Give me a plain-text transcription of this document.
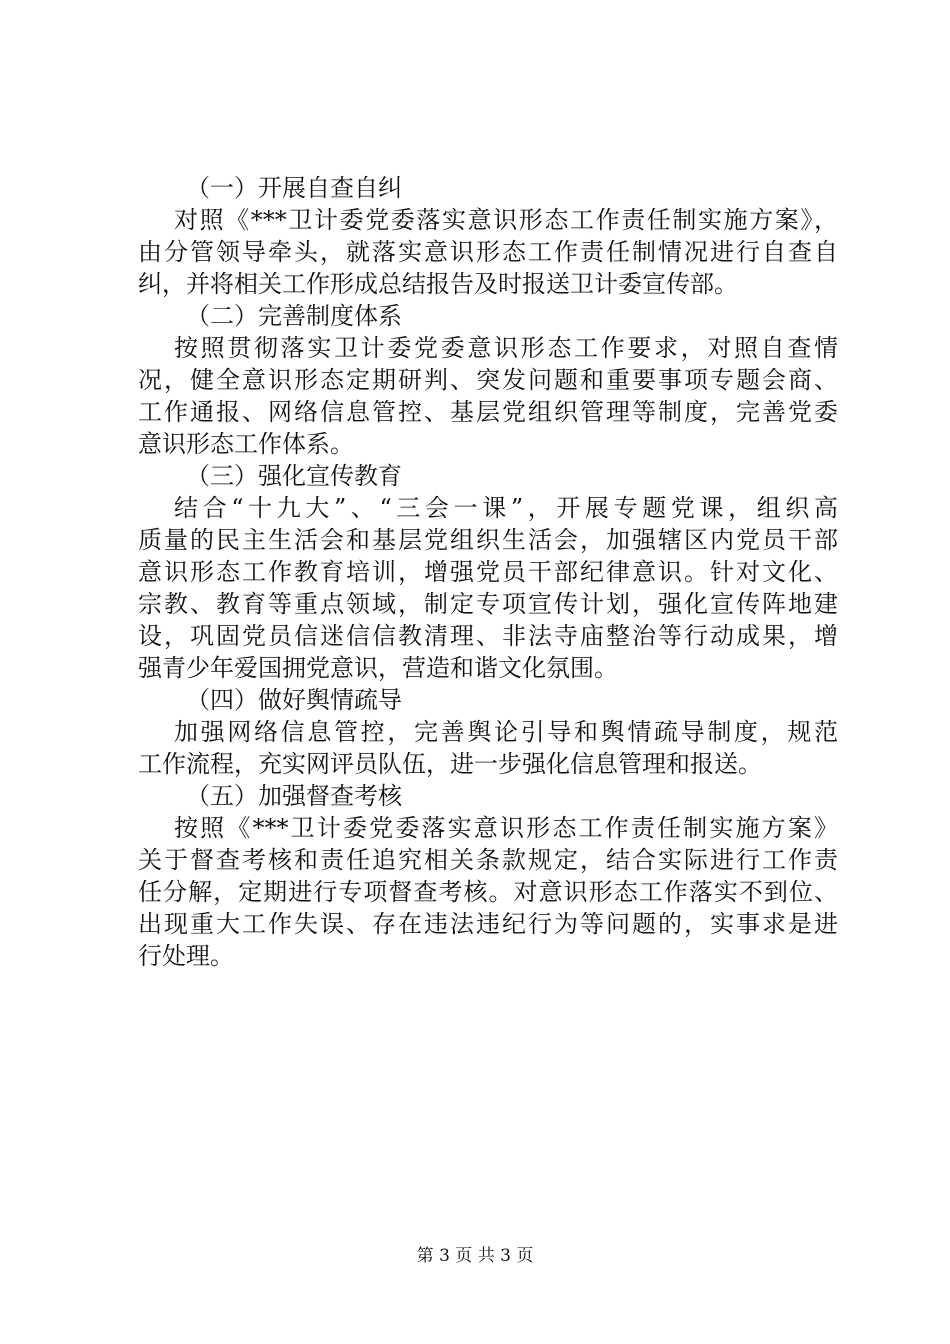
（一）开展自查自纠
对照《***卫计委党委落实意识形态工作责任制实施方案》，
由分管领导牵头，就落实意识形态工作责任制情况进行自查自
纠，并将相关工作形成总结报告及时报送卫计委宣传部。
（二）完善制度体系
按照贯彻落实卫计委党委意识形态工作要求，对照自查情
况，健全意识形态定期研判、突发问题和重要事项专题会商、
工作通报、网络信息管控、基层党组织管理等制度，完善党委
意识形态工作体系。
（三）强化宣传教育
结合“十九大”、“三会一课”，开展专题党课，组织高
质量的民主生活会和基层党组织生活会，加强辖区内党员干部
意识形态工作教育培训，增强党员干部纪律意识。针对文化、
宗教、教育等重点领域，制定专项宣传计划，强化宣传阵地建
设，巩固党员信迷信信教清理、非法寺庙整治等行动成果，增
强青少年爱国拥党意识，营造和谐文化氛围。
（四）做好舆情疏导
加强网络信息管控，完善舆论引导和舆情疏导制度，规范
工作流程，充实网评员队伍，进一步强化信息管理和报送。
（五）加强督查考核
按照《***卫计委党委落实意识形态工作责任制实施方案》
关于督查考核和责任追究相关条款规定，结合实际进行工作责
任分解，定期进行专项督查考核。对意识形态工作落实不到位、
出现重大工作失误、存在违法违纪行为等问题的，实事求是进
行处理。
第 3 页 共 3 页
